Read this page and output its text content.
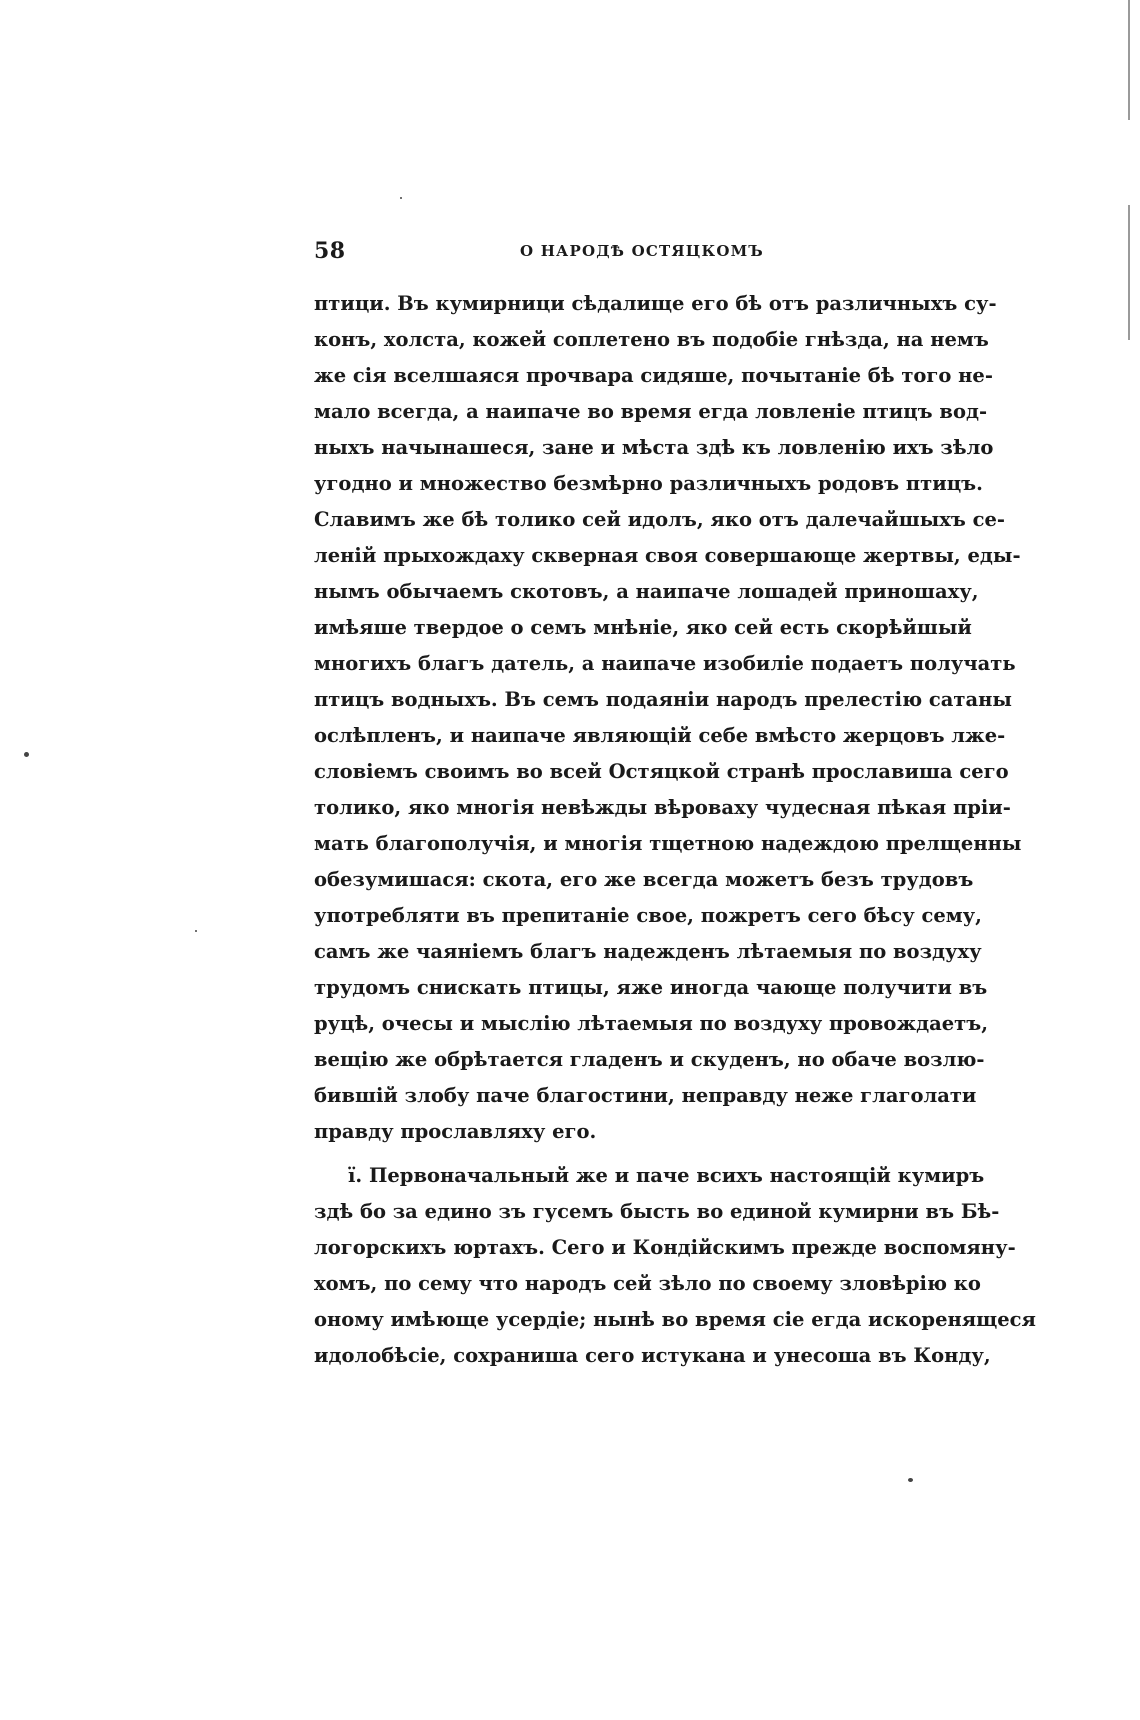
58	О НАРОДѢ ОСТЯЦКОМЪ
птици. Въ кумирници сѣдалище его бѣ отъ различныхъ су-
конъ, холста, кожей соплетено въ подобіе гнѣзда, на немъ
же сія вселшаяся прочвара сидяше, почытаніе бѣ того не-
мало всегда, а наипаче во время егда ловленіе птицъ вод-
ныхъ начынашеся, зане и мѣста здѣ къ ловленію ихъ зѣло
угодно и множество безмѣрно различныхъ родовъ птицъ.
Славимъ же бѣ толико сей идолъ, яко отъ далечайшыхъ се-
леній прыхождаху скверная своя совершающе жертвы, еды-
нымъ обычаемъ скотовъ, а наипаче лошадей приношаху,
имѣяше твердое о семъ мнѣніе, яко сей есть скорѣйшый
многихъ благъ датель, а наипаче изобиліе подаетъ получать
птицъ водныхъ. Въ семъ подаяніи народъ прелестію сатаны
ослѣпленъ, и наипаче являющій себе вмѣсто жерцовъ лже-
словіемъ своимъ во всей Остяцкой странѣ прославиша сего
толико, яко многія невѣжды вѣроваху чудесная пѣкая пріи-
мать благополучія, и многія тщетною надеждою прелщенны
обезумишася: скота, его же всегда можетъ безъ трудовъ
употребляти въ препитаніе свое, пожретъ сего бѣсу сему,
самъ же чаяніемъ благъ надежденъ лѣтаемыя по воздуху
трудомъ снискать птицы, яже иногда чающе получити въ
руцѣ, очесы и мыслію лѣтаемыя по воздуху провождаетъ,
вещію же обрѣтается гладенъ и скуденъ, но обаче возлю-
бившій злобу паче благостини, неправду неже глаголати
правду прославляху его.
ї. Первоначальный же и паче всихъ настоящій кумиръ
здѣ бо за едино зъ гусемъ бысть во единой кумирни въ Бѣ-
логорскихъ юртахъ. Сего и Кондійскимъ прежде воспомяну-
хомъ, по сему что народъ сей зѣло по своему зловѣрію ко
оному имѣюще усердіе; нынѣ во время сіе егда искоренящеся
идолобѣсіе, сохраниша сего истукана и унесоша въ Конду,
